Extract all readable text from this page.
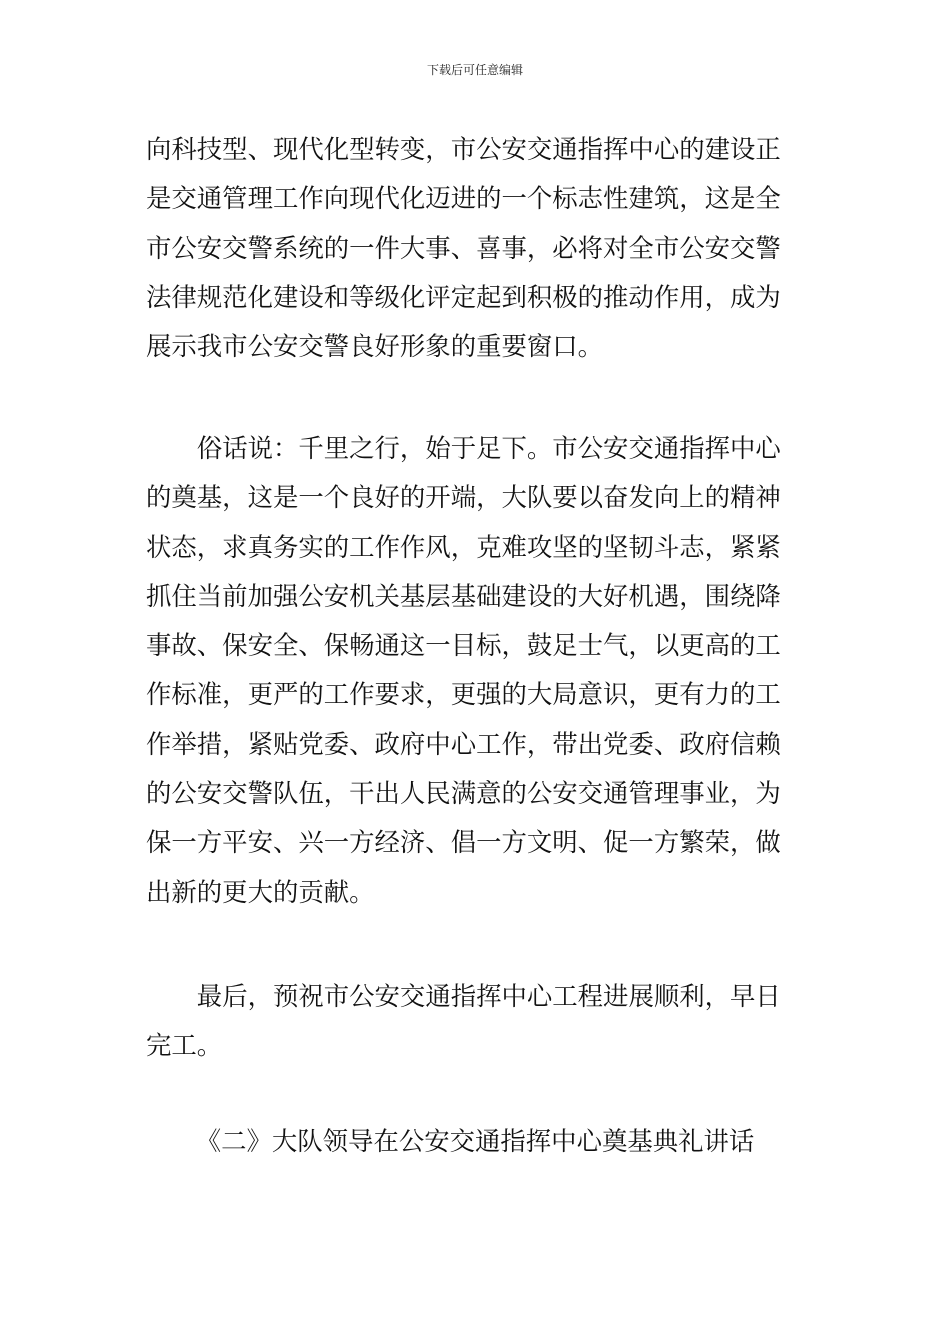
下载后可任意编辑

向科技型、现代化型转变，市公安交通指挥中心的建设正
是交通管理工作向现代化迈进的一个标志性建筑，这是全
市公安交警系统的一件大事、喜事，必将对全市公安交警
法律规范化建设和等级化评定起到积极的推动作用，成为
展示我市公安交警良好形象的重要窗口。

俗话说：千里之行，始于足下。市公安交通指挥中心
的奠基，这是一个良好的开端，大队要以奋发向上的精神
状态，求真务实的工作作风，克难攻坚的坚韧斗志，紧紧
抓住当前加强公安机关基层基础建设的大好机遇，围绕降
事故、保安全、保畅通这一目标，鼓足士气，以更高的工
作标准，更严的工作要求，更强的大局意识，更有力的工
作举措，紧贴党委、政府中心工作，带出党委、政府信赖
的公安交警队伍，干出人民满意的公安交通管理事业，为
保一方平安、兴一方经济、倡一方文明、促一方繁荣，做
出新的更大的贡献。

最后，预祝市公安交通指挥中心工程进展顺利，早日
完工。

《二》大队领导在公安交通指挥中心奠基典礼讲话
